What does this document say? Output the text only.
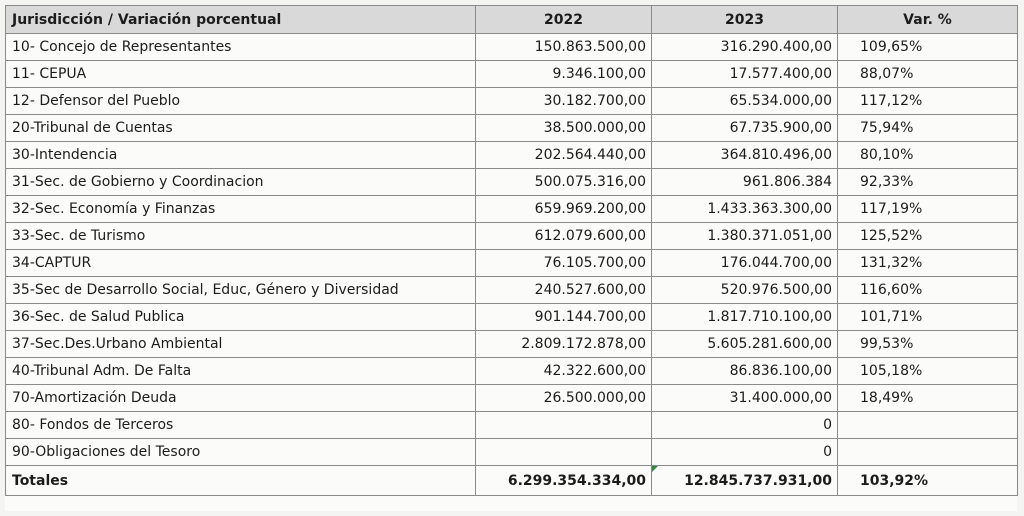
Jurisdicción / Variación porcentual	2022	2023	Var. %
10- Concejo de Representantes	150.863.500,00	316.290.400,00	109,65%
11- CEPUA	9.346.100,00	17.577.400,00	88,07%
12- Defensor del Pueblo	30.182.700,00	65.534.000,00	117,12%
20-Tribunal de Cuentas	38.500.000,00	67.735.900,00	75,94%
30-Intendencia	202.564.440,00	364.810.496,00	80,10%
31-Sec. de Gobierno y Coordinacion	500.075.316,00	961.806.384	92,33%
32-Sec. Economía y Finanzas	659.969.200,00	1.433.363.300,00	117,19%
33-Sec. de Turismo	612.079.600,00	1.380.371.051,00	125,52%
34-CAPTUR	76.105.700,00	176.044.700,00	131,32%
35-Sec de Desarrollo Social, Educ, Género y Diversidad	240.527.600,00	520.976.500,00	116,60%
36-Sec. de Salud Publica	901.144.700,00	1.817.710.100,00	101,71%
37-Sec.Des.Urbano Ambiental	2.809.172.878,00	5.605.281.600,00	99,53%
40-Tribunal Adm. De Falta	42.322.600,00	86.836.100,00	105,18%
70-Amortización Deuda	26.500.000,00	31.400.000,00	18,49%
80- Fondos de Terceros		0	
90-Obligaciones del Tesoro		0	
Totales	6.299.354.334,00	12.845.737.931,00	103,92%
